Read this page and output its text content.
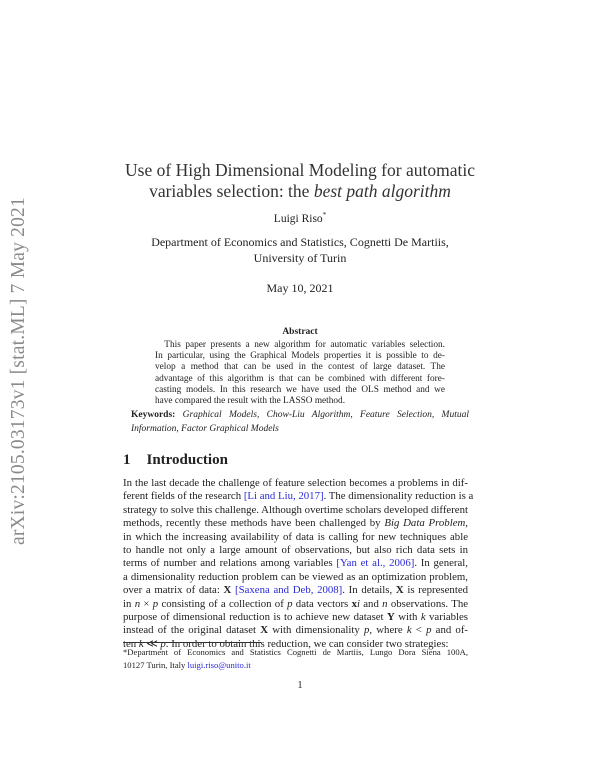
arXiv:2105.03173v1 [stat.ML] 7 May 2021
Use of High Dimensional Modeling for automatic
variables selection: the best path algorithm
Luigi Riso*
Department of Economics and Statistics, Cognetti De Martiis,
University of Turin
May 10, 2021
Abstract
 This paper presents a new algorithm for automatic variables selection.
In particular, using the Graphical Models properties it is possible to de-
velop a method that can be used in the contest of large dataset. The
advantage of this algorithm is that can be combined with different fore-
casting models. In this research we have used the OLS method and we
have compared the result with the LASSO method.
Keywords: Graphical Models, Chow-Liu Algorithm, Feature Selection, Mutual
Information, Factor Graphical Models
1 Introduction
In the last decade the challenge of feature selection becomes a problems in dif-
ferent fields of the research [Li and Liu, 2017]. The dimensionality reduction is a
strategy to solve this challenge. Although overtime scholars developed different
methods, recently these methods have been challenged by Big Data Problem,
in which the increasing availability of data is calling for new techniques able
to handle not only a large amount of observations, but also rich data sets in
terms of number and relations among variables [Yan et al., 2006]. In general,
a dimensionality reduction problem can be viewed as an optimization problem,
over a matrix of data: X [Saxena and Deb, 2008]. In details, X is represented
in n × p consisting of a collection of p data vectors xi and n observations. The
purpose of dimensional reduction is to achieve new dataset Y with k variables
instead of the original dataset X with dimensionality p, where k < p and of-
ten k ≪ p. In order to obtain this reduction, we can consider two strategies:
*Department of Economics and Statistics Cognetti de Martiis, Lungo Dora Siena 100A,
10127 Turin, Italy luigi.riso@unito.it
1
